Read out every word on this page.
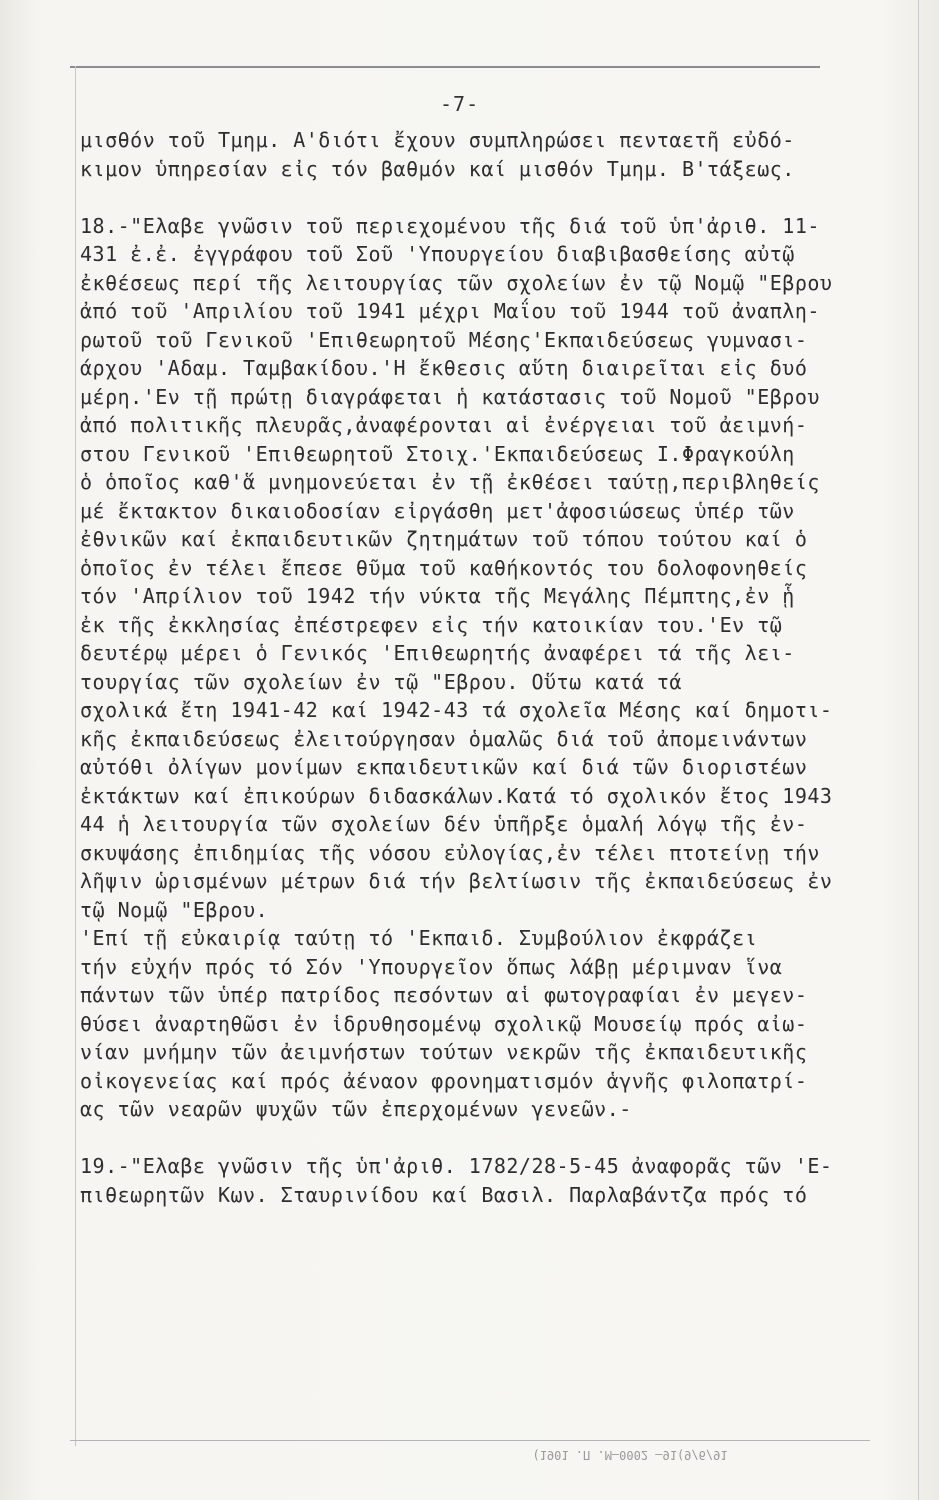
-7-
μισθόν τοῦ Τμημ. Α'διότι ἔχουν συμπληρώσει πενταετῆ εὐδό-
κιμον ὑπηρεσίαν εἰς τόν βαθμόν καί μισθόν Τμημ. Β'τάξεως.
18.-"Ελαβε γνῶσιν τοῦ περιεχομένου τῆς διά τοῦ ὑπ'ἀριθ. 11-
431 ἐ.ἐ. ἐγγράφου τοῦ Σοῦ 'Υπουργείου διαβιβασθείσης αὐτῷ
ἐκθέσεως περί τῆς λειτουργίας τῶν σχολείων ἐν τῷ Νομῷ "Εβρου
ἀπό τοῦ 'Απριλίου τοῦ 1941 μέχρι Μαΐου τοῦ 1944 τοῦ ἀναπλη-
ρωτοῦ τοῦ Γενικοῦ 'Επιθεωρητοῦ Μέσης'Εκπαιδεύσεως γυμνασι-
άρχου 'Αδαμ. Ταμβακίδου.'Η ἔκθεσις αὕτη διαιρεῖται εἰς δυό
μέρη.'Εν τῇ πρώτῃ διαγράφεται ἡ κατάστασις τοῦ Νομοῦ "Εβρου
ἀπό πολιτικῆς πλευρᾶς,ἀναφέρονται αἱ ἐνέργειαι τοῦ ἀειμνή-
στου Γενικοῦ 'Επιθεωρητοῦ Στοιχ.'Εκπαιδεύσεως Ι.Φραγκούλη
ὁ ὁποῖος καθ'ἅ μνημονεύεται ἐν τῇ ἐκθέσει ταύτῃ,περιβληθείς
μέ ἔκτακτον δικαιοδοσίαν εἰργάσθη μετ'ἀφοσιώσεως ὑπέρ τῶν
ἐθνικῶν καί ἐκπαιδευτικῶν ζητημάτων τοῦ τόπου τούτου καί ὁ
ὁποῖος ἐν τέλει ἔπεσε θῦμα τοῦ καθήκοντός του δολοφονηθείς
τόν 'Απρίλιον τοῦ 1942 τήν νύκτα τῆς Μεγάλης Πέμπτης,ἐν ᾗ
ἐκ τῆς ἐκκλησίας ἐπέστρεφεν εἰς τήν κατοικίαν του.'Εν τῷ
δευτέρῳ μέρει ὁ Γενικός 'Επιθεωρητής ἀναφέρει τά τῆς λει-
τουργίας τῶν σχολείων ἐν τῷ "Εβρου. Οὕτω κατά τά
σχολικά ἔτη 1941-42 καί 1942-43 τά σχολεῖα Μέσης καί δημοτι-
κῆς ἐκπαιδεύσεως ἐλειτούργησαν ὁμαλῶς διά τοῦ ἀπομεινάντων
αὐτόθι ὀλίγων μονίμων εκπαιδευτικῶν καί διά τῶν διοριστέων
ἐκτάκτων καί ἐπικούρων διδασκάλων.Κατά τό σχολικόν ἔτος 1943
44 ἡ λειτουργία τῶν σχολείων δέν ὑπῆρξε ὁμαλή λόγῳ τῆς ἐν-
σκυψάσης ἐπιδημίας τῆς νόσου εὐλογίας,ἐν τέλει πτοτείνῃ τήν
λῆψιν ὡρισμένων μέτρων διά τήν βελτίωσιν τῆς ἐκπαιδεύσεως ἐν
τῷ Νομῷ "Εβρου.
'Επί τῇ εὐκαιρίᾳ ταύτῃ τό 'Εκπαιδ. Συμβούλιον ἐκφράζει
τήν εὐχήν πρός τό Σόν 'Υπουργεῖον ὅπως λάβῃ μέριμναν ἵνα
πάντων τῶν ὑπέρ πατρίδος πεσόντων αἱ φωτογραφίαι ἐν μεγεν-
θύσει ἀναρτηθῶσι ἐν ἱδρυθησομένῳ σχολικῷ Μουσείῳ πρός αἰω-
νίαν μνήμην τῶν ἀειμνήστων τούτων νεκρῶν τῆς ἐκπαιδευτικῆς
οἰκογενείας καί πρός ἀέναον φρονηματισμόν ἁγνῆς φιλοπατρί-
ας τῶν νεαρῶν ψυχῶν τῶν ἐπερχομένων γενεῶν.-
19.-"Ελαβε γνῶσιν τῆς ὑπ'ἀριθ. 1782/28-5-45 ἀναφορᾶς τῶν 'Ε-
πιθεωρητῶν Κων. Σταυρινίδου καί Βασιλ. Παρλαβάντζα πρός τό
(1901 .Π .M—0002 —91(9/6/91
